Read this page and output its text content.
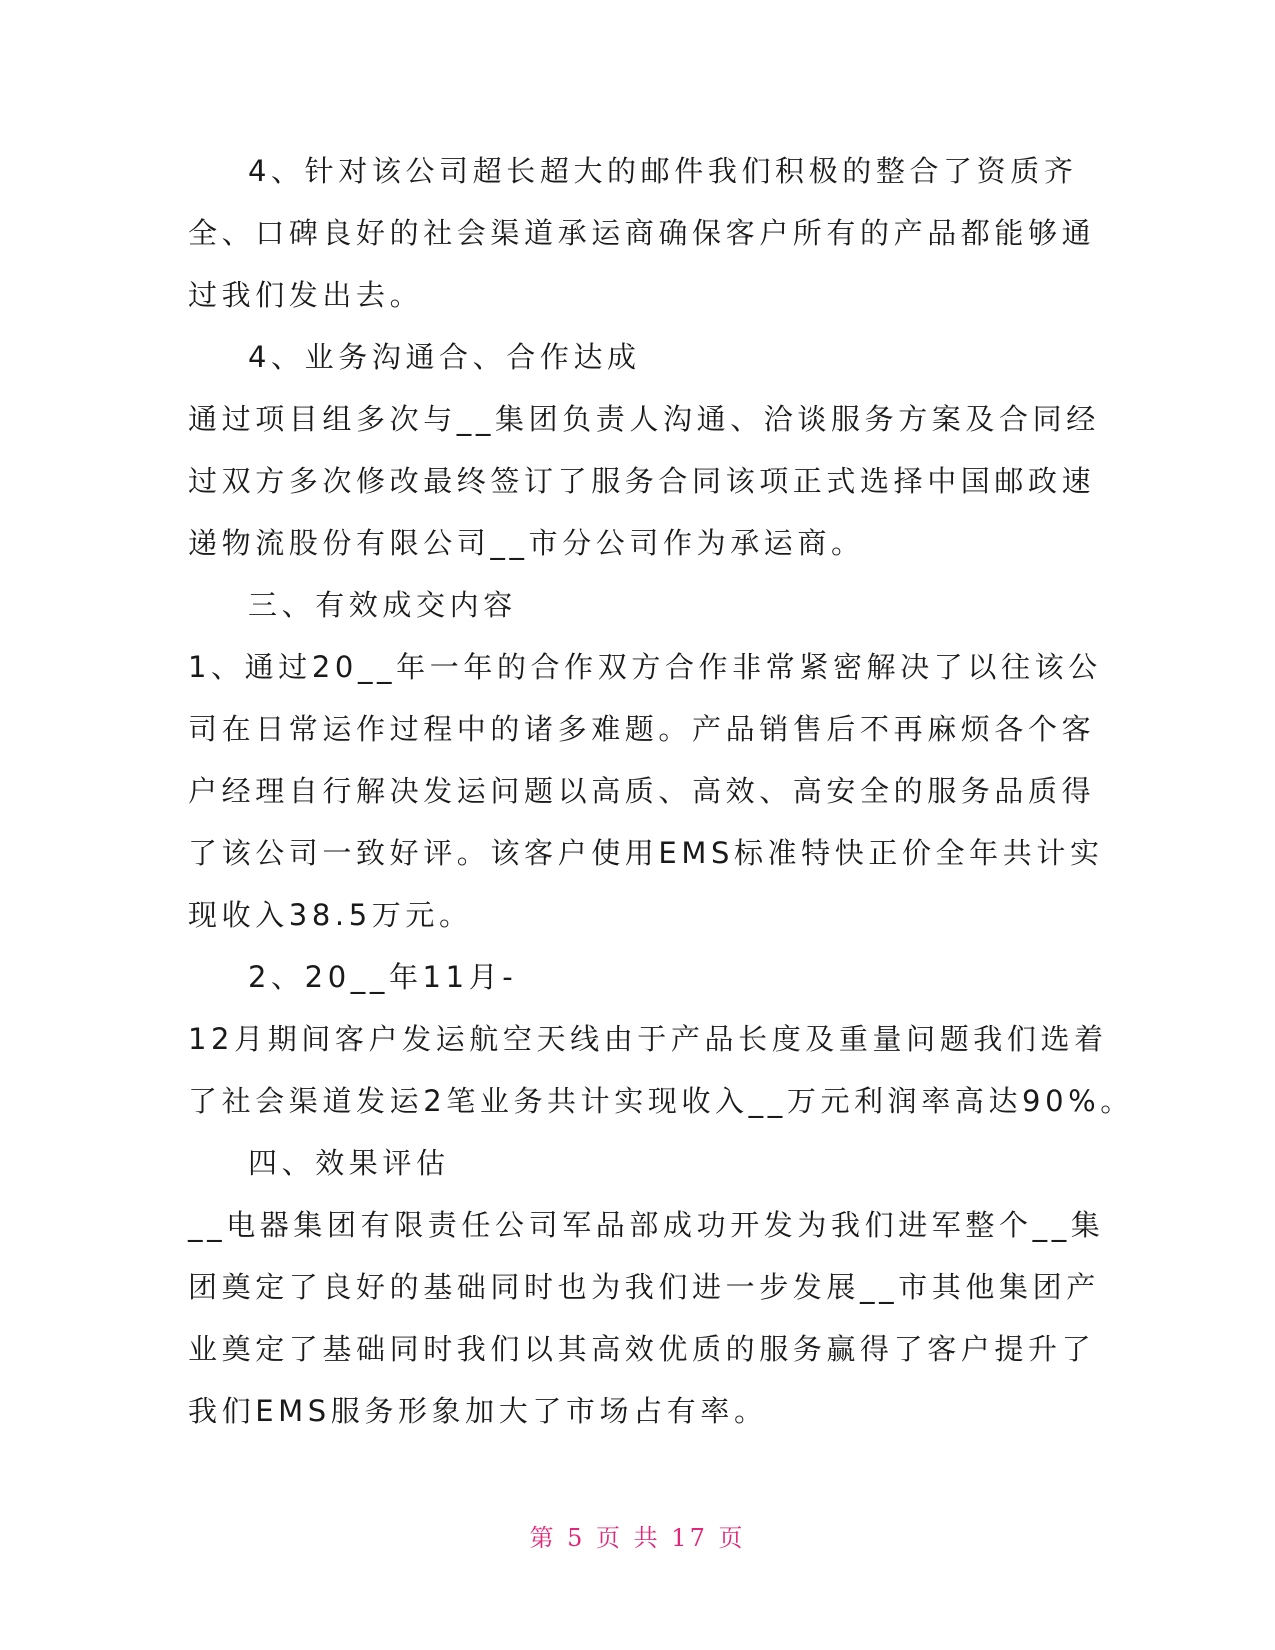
4、针对该公司超长超大的邮件我们积极的整合了资质齐
全、口碑良好的社会渠道承运商确保客户所有的产品都能够通
过我们发出去。
4、业务沟通合、合作达成
通过项目组多次与__集团负责人沟通、洽谈服务方案及合同经
过双方多次修改最终签订了服务合同该项正式选择中国邮政速
递物流股份有限公司__市分公司作为承运商。
三、有效成交内容
1、通过20__年一年的合作双方合作非常紧密解决了以往该公
司在日常运作过程中的诸多难题。产品销售后不再麻烦各个客
户经理自行解决发运问题以高质、高效、高安全的服务品质得
了该公司一致好评。该客户使用EMS标准特快正价全年共计实
现收入38.5万元。
2、20__年11月-
12月期间客户发运航空天线由于产品长度及重量问题我们选着
了社会渠道发运2笔业务共计实现收入__万元利润率高达90%。
四、效果评估
__电器集团有限责任公司军品部成功开发为我们进军整个__集
团奠定了良好的基础同时也为我们进一步发展__市其他集团产
业奠定了基础同时我们以其高效优质的服务赢得了客户提升了
我们EMS服务形象加大了市场占有率。
第 5 页 共 17 页
